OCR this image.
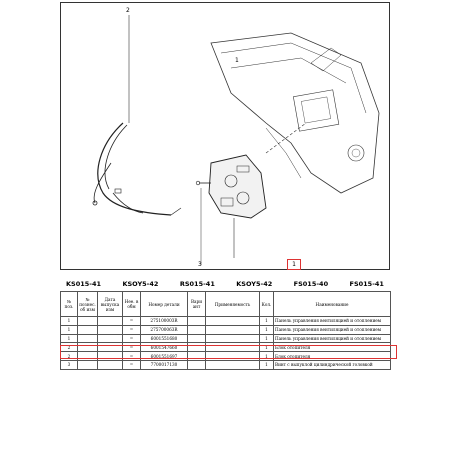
2
1
3	1
KS015-41	KSOY5-42	RS015-41	KSOY5-42	FS015-40	FS015-41
№ поз.	№ познес. об изм	Дата выпуска изм	Нее. в обм	Номер детали	Вари ант	Применяемость	Кол.	Наименование
1			=	275100003R			1	Панель управления вентиляцией и отоплением
1			=	275700063R			1	Панель управления вентиляцией и отоплением
1			=	6001551680			1	Панель управления вентиляцией и отоплением
2			=	6001547660			1	Блок отопителя
2			=	6001551697			1	Блок отопителя
3			=	7700017130			1	Винт с выпуклой цилиндрической головкой
